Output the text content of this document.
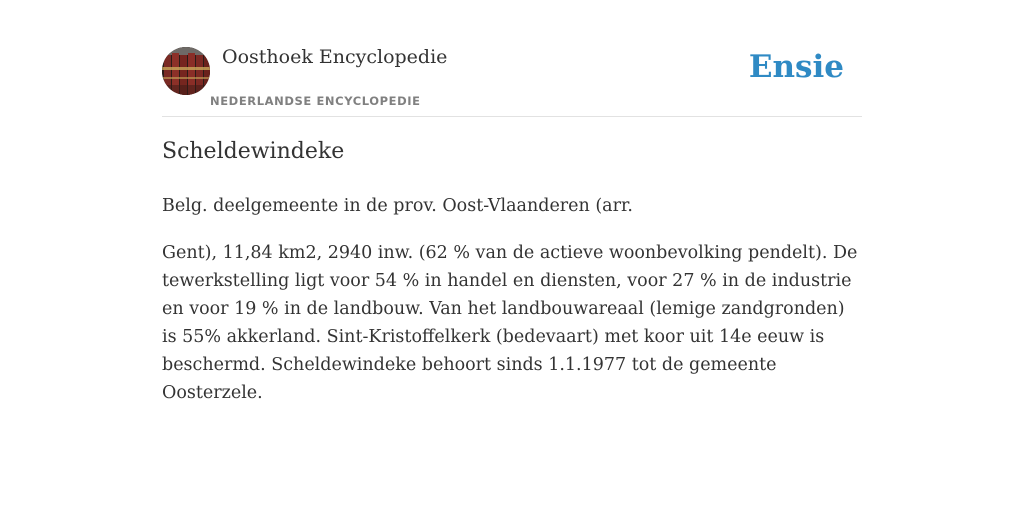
Oosthoek Encyclopedie
NEDERLANDSE ENCYCLOPEDIE
Ensie
Scheldewindeke

Belg. deelgemeente in de prov. Oost-Vlaanderen (arr.

Gent), 11,84 km2, 2940 inw. (62 % van de actieve woonbevolking pendelt). De tewerkstelling ligt voor 54 % in handel en diensten, voor 27 % in de industrie en voor 19 % in de landbouw. Van het landbouwareaal (lemige zandgronden) is 55% akkerland. Sint-Kristoffelkerk (bedevaart) met koor uit 14e eeuw is beschermd. Scheldewindeke behoort sinds 1.1.1977 tot de gemeente Oosterzele.
